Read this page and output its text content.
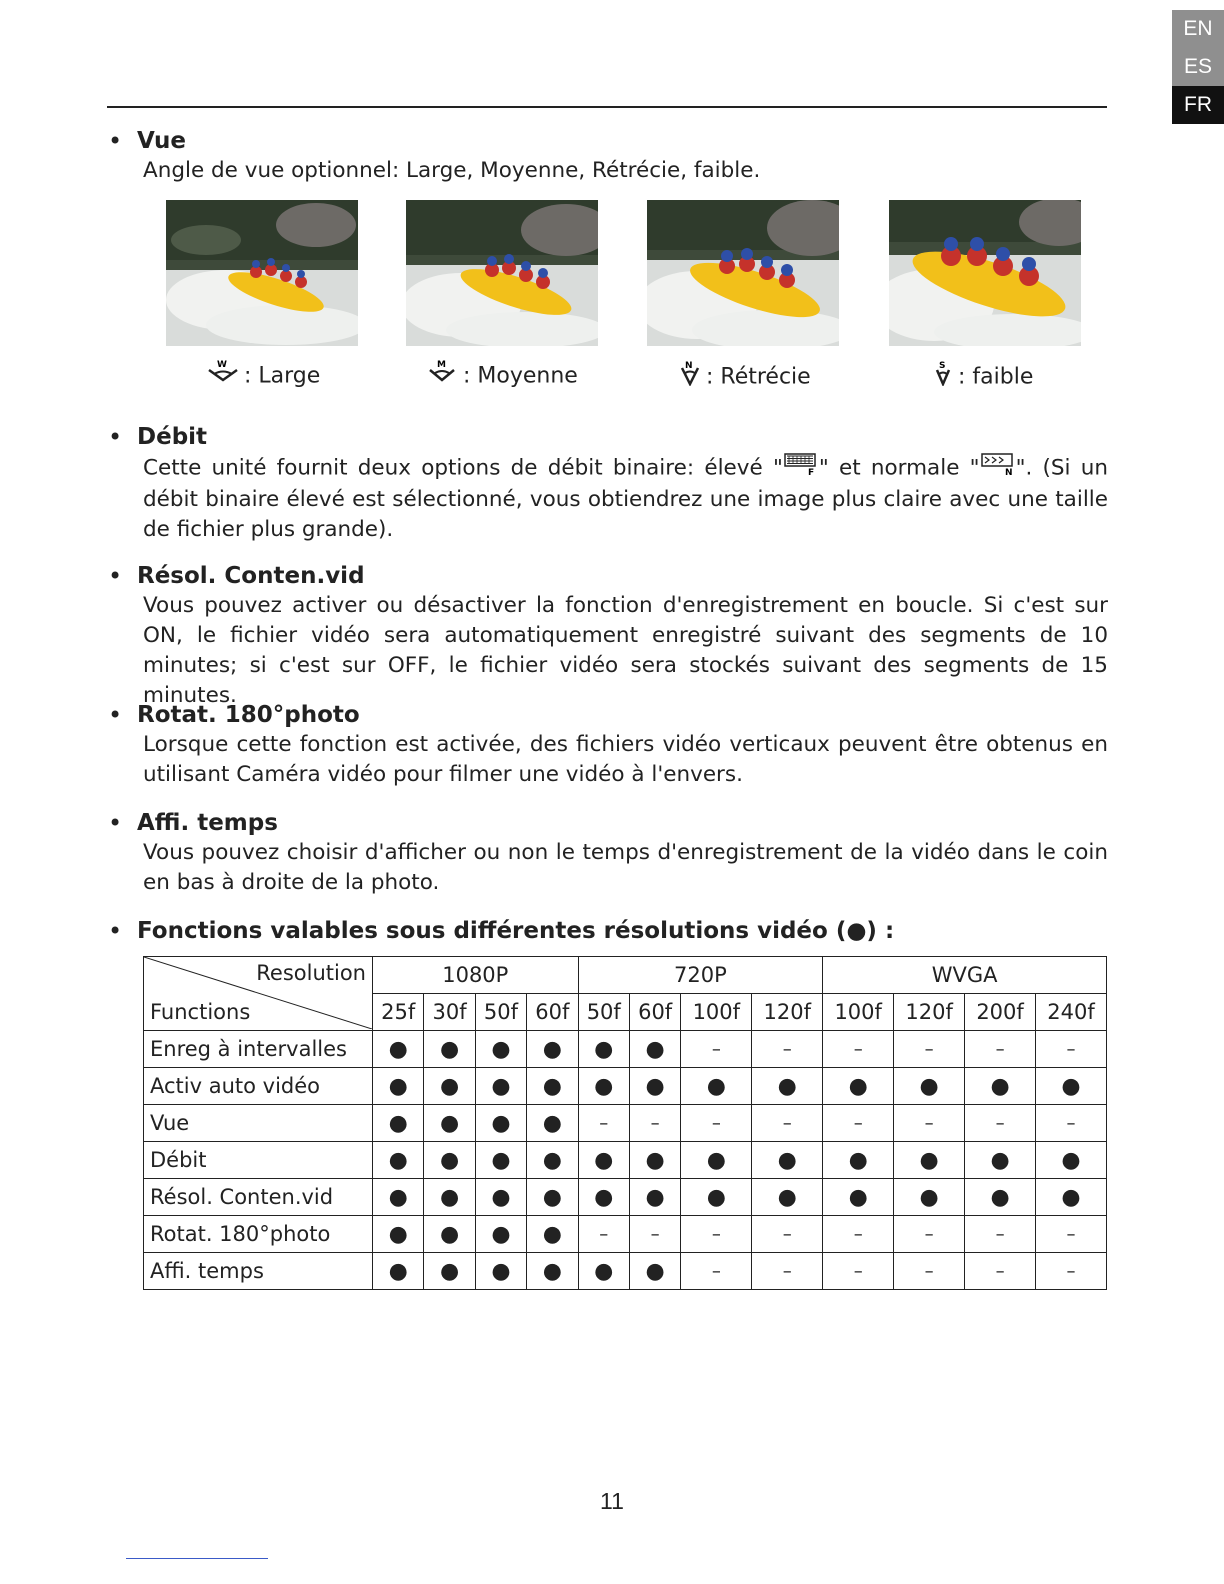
EN
ES
FR
• Vue
Angle de vue optionnel: Large, Moyenne, Rétrécie, faible.
W : Large	M : Moyenne	N : Rétrécie	S : faible
• Débit
Cette unité fournit deux options de débit binaire: élevé "	F " et normale "	N ". (Si un débit binaire élevé est sélectionné, vous obtiendrez une image plus claire avec une taille de fichier plus grande).
• Résol. Conten.vid
Vous pouvez activer ou désactiver la fonction d'enregistrement en boucle. Si c'est sur ON, le fichier vidéo sera automatiquement enregistré suivant des segments de 10 minutes; si c'est sur OFF, le fichier vidéo sera stockés suivant des segments de 15 minutes.
• Rotat. 180°photo
Lorsque cette fonction est activée, des fichiers vidéo verticaux peuvent être obtenus en utilisant Caméra vidéo pour filmer une vidéo à l'envers.
• Affi. temps
Vous pouvez choisir d'afficher ou non le temps d'enregistrement de la vidéo dans le coin en bas à droite de la photo.
• Fonctions valables sous différentes résolutions vidéo (●) :
Resolution
Functions	1080P				720P				WVGA			
	25f	30f	50f	60f	50f	60f	100f	120f	100f	120f	200f	240f
Enreg à intervalles	●	●	●	●	●	●	–	–	–	–	–	–
Activ auto vidéo	●	●	●	●	●	●	●	●	●	●	●	●
Vue	●	●	●	●	–	–	–	–	–	–	–	–
Débit	●	●	●	●	●	●	●	●	●	●	●	●
Résol. Conten.vid	●	●	●	●	●	●	●	●	●	●	●	●
Rotat. 180°photo	●	●	●	●	–	–	–	–	–	–	–	–
Affi. temps	●	●	●	●	●	●	–	–	–	–	–	–
11
